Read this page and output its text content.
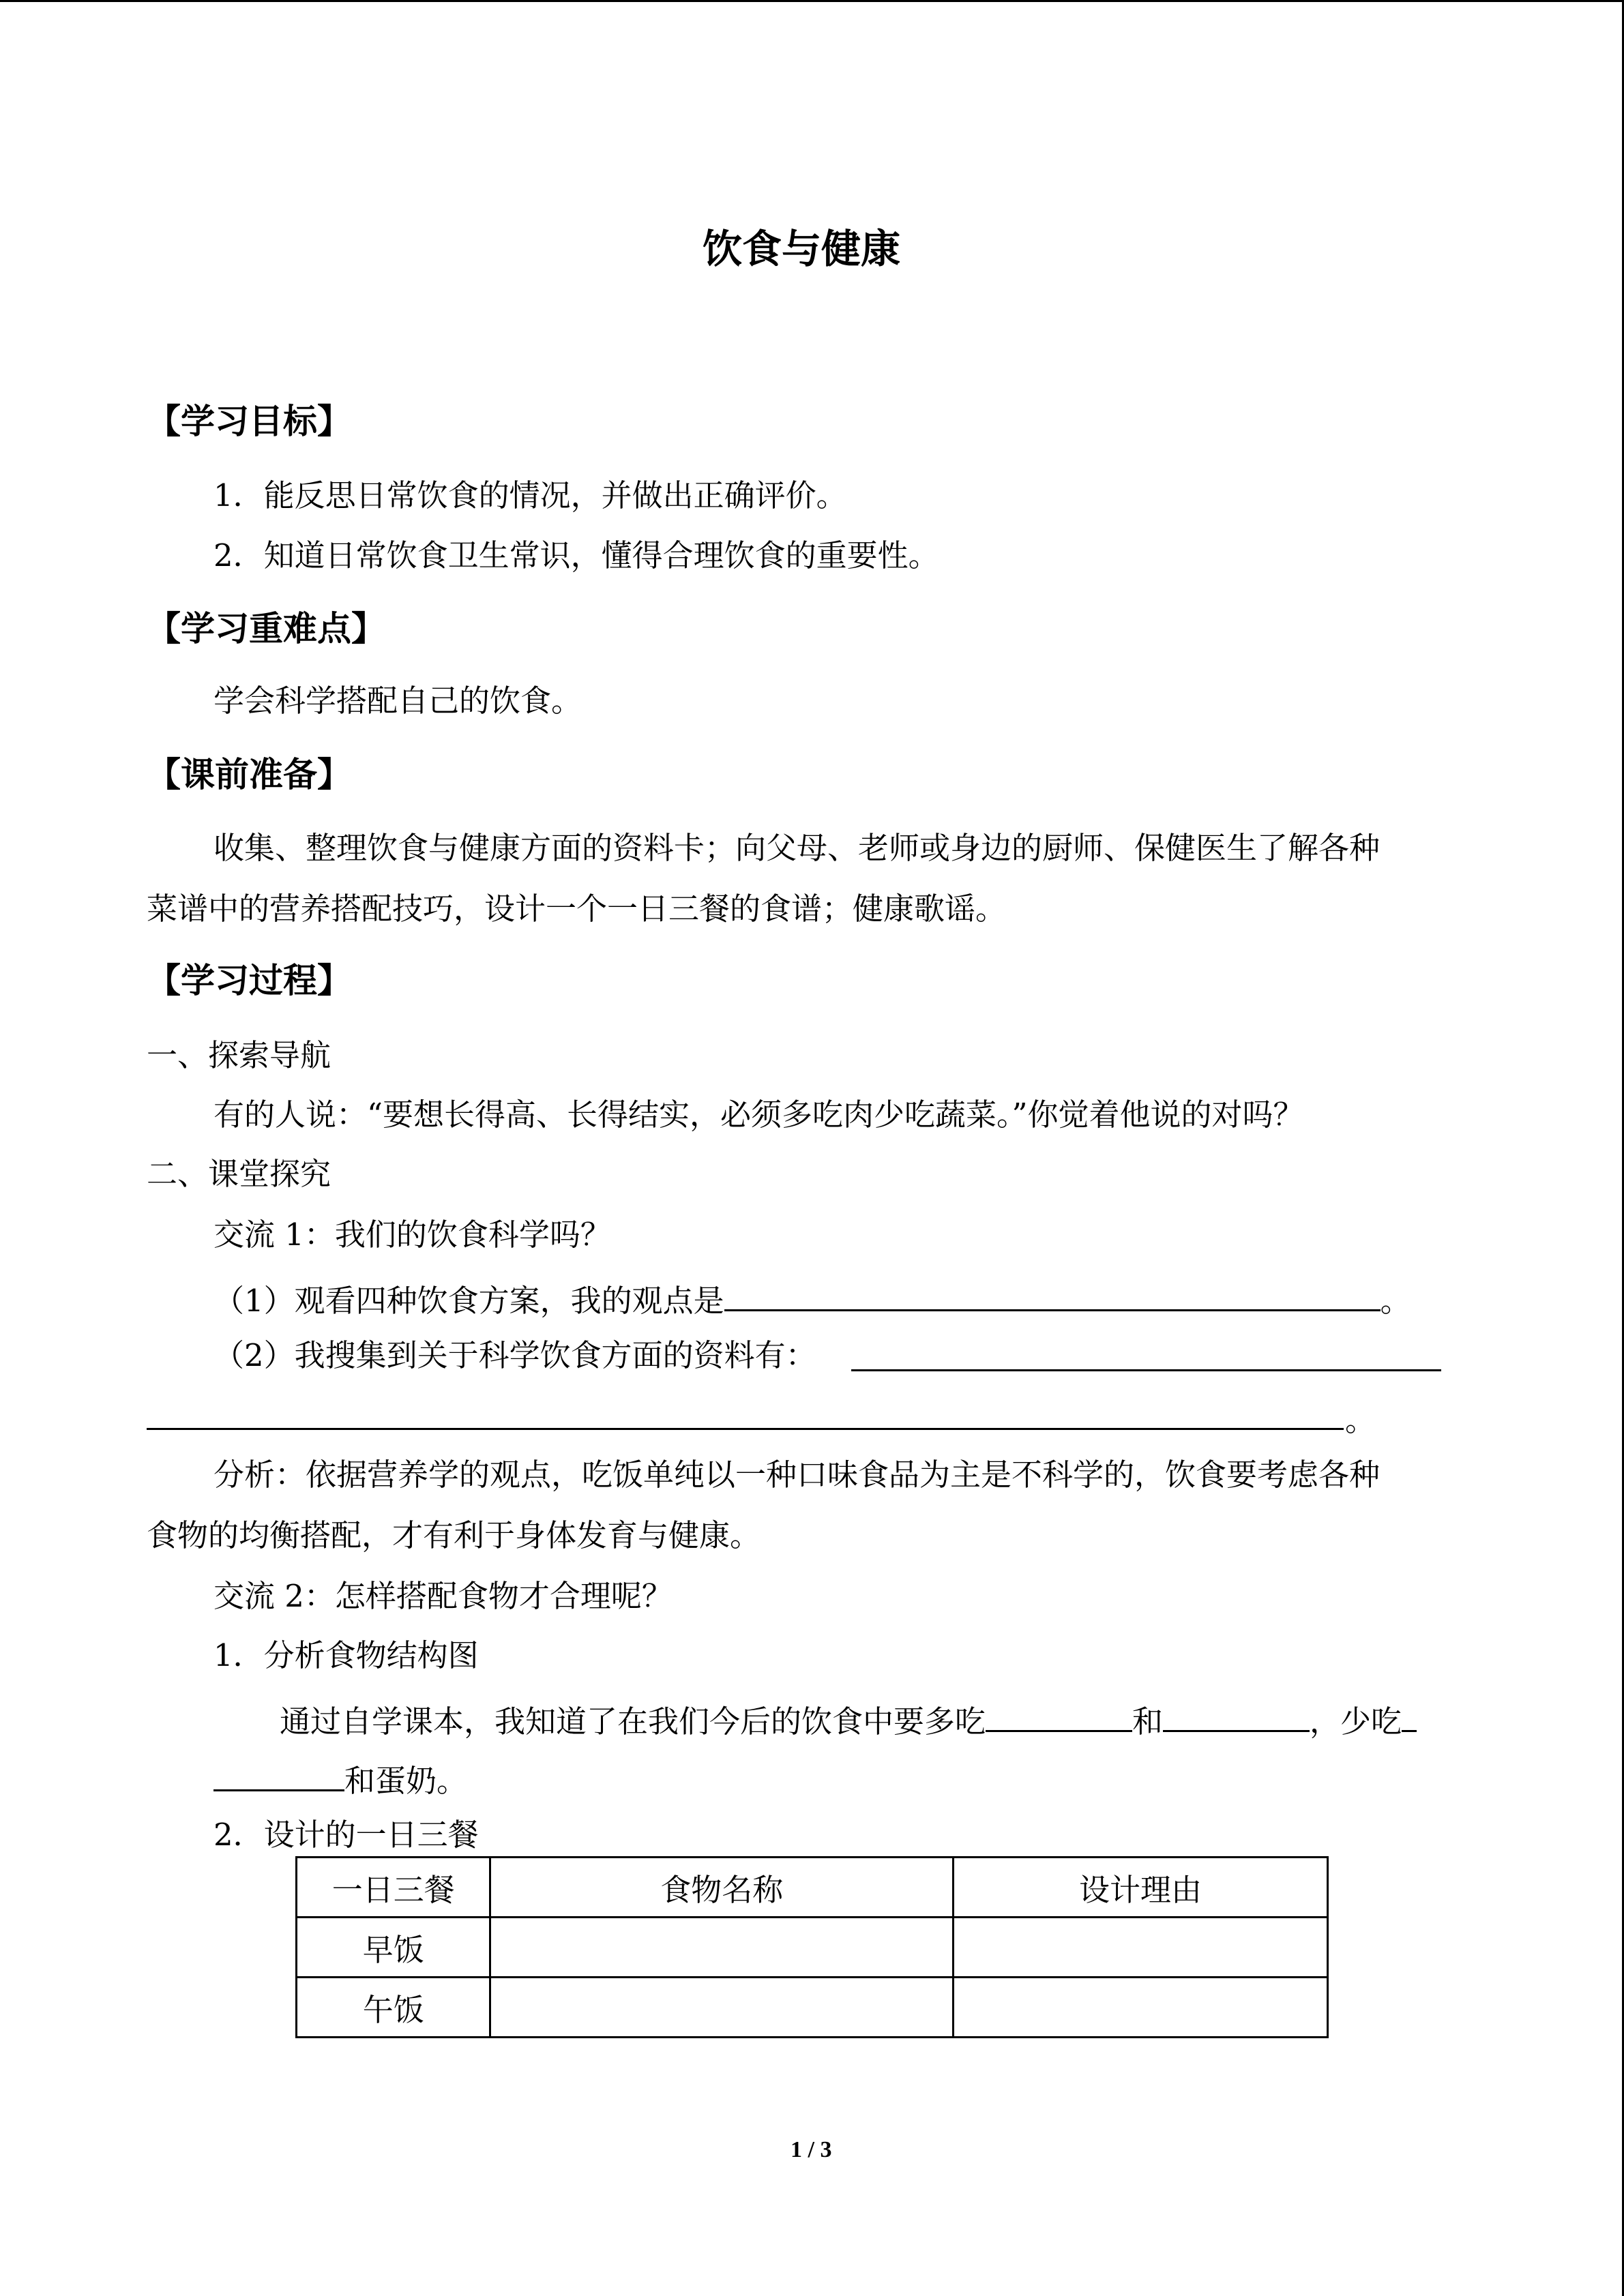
饮食与健康
【学习目标】
1．能反思日常饮食的情况，并做出正确评价。
2．知道日常饮食卫生常识，懂得合理饮食的重要性。
【学习重难点】
学会科学搭配自己的饮食。
【课前准备】
收集、整理饮食与健康方面的资料卡；向父母、老师或身边的厨师、保健医生了解各种
菜谱中的营养搭配技巧，设计一个一日三餐的食谱；健康歌谣。
【学习过程】
一、探索导航
有的人说：“要想长得高、长得结实，必须多吃肉少吃蔬菜。”你觉着他说的对吗？
二、课堂探究
交流 1：我们的饮食科学吗？
（1）观看四种饮食方案，我的观点是	。
（2）我搜集到关于科学饮食方面的资料有：
。
分析：依据营养学的观点，吃饭单纯以一种口味食品为主是不科学的，饮食要考虑各种
食物的均衡搭配，才有利于身体发育与健康。
交流 2：怎样搭配食物才合理呢？
1．分析食物结构图
通过自学课本，我知道了在我们今后的饮食中要多吃	和	，少吃
和蛋奶。
2．设计的一日三餐
一日三餐	食物名称	设计理由
早饭		
午饭		
1 / 3
